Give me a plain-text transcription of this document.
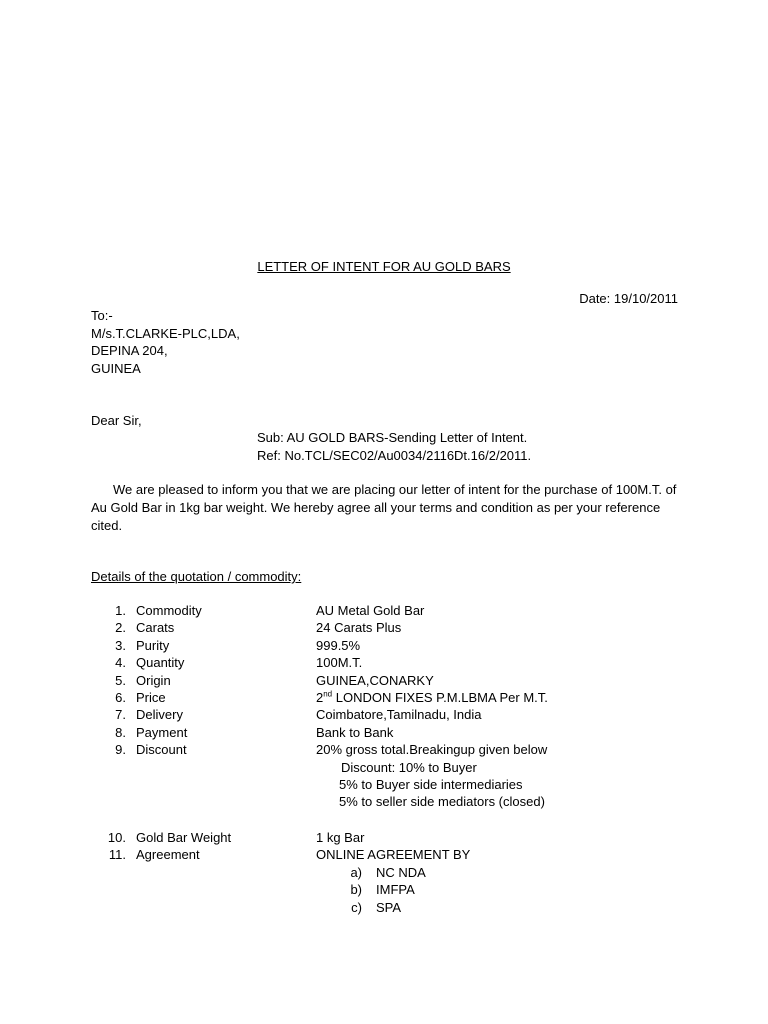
LETTER OF INTENT FOR AU GOLD BARS
Date: 19/10/2011
To:-
M/s.T.CLARKE-PLC,LDA,
DEPINA 204,
GUINEA
Dear Sir,
Sub: AU GOLD BARS-Sending Letter of Intent.
Ref: No.TCL/SEC02/Au0034/2116Dt.16/2/2011.
We are pleased to inform you that we are placing our letter of intent for the purchase of 100M.T. of
Au Gold Bar in 1kg bar weight. We hereby agree all your terms and condition as per your reference
cited.
Details of the quotation / commodity:
1. Commodity	AU Metal Gold Bar
2. Carats	24 Carats Plus
3. Purity	999.5%
4. Quantity	100M.T.
5. Origin	GUINEA,CONARKY
6. Price	2nd LONDON FIXES P.M.LBMA Per M.T.
7. Delivery	Coimbatore,Tamilnadu, India
8. Payment	Bank to Bank
9. Discount	20% gross total.Breakingup given below
Discount: 10% to Buyer
5% to Buyer side intermediaries
5% to seller side mediators (closed)
10. Gold Bar Weight	1 kg Bar
11. Agreement	ONLINE AGREEMENT BY
a) NC NDA
b) IMFPA
c) SPA
